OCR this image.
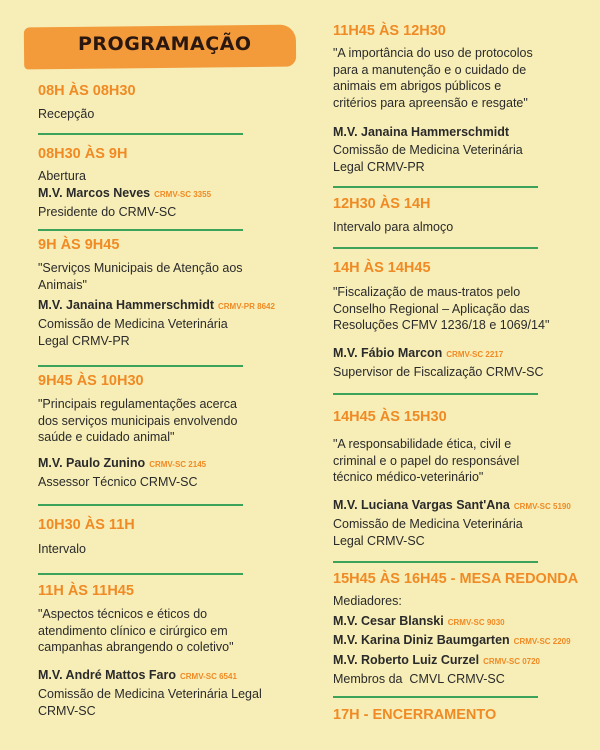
PROGRAMAÇÃO
08H ÀS 08H30
Recepção
08H30 ÀS 9H
Abertura
M.V. Marcos Neves CRMV-SC 3355
Presidente do CRMV-SC
9H ÀS 9H45
"Serviços Municipais de Atenção aos Animais"
M.V. Janaina Hammerschmidt CRMV-PR 8642
Comissão de Medicina Veterinária Legal CRMV-PR
9H45 ÀS 10H30
"Principais regulamentações acerca dos serviços municipais envolvendo saúde e cuidado animal"
M.V. Paulo Zunino CRMV-SC 2145
Assessor Técnico CRMV-SC
10H30 ÀS 11H
Intervalo
11H ÀS 11H45
"Aspectos técnicos e éticos do atendimento clínico e cirúrgico em campanhas abrangendo o coletivo"
M.V. André Mattos Faro CRMV-SC 6541
Comissão de Medicina Veterinária Legal CRMV-SC
11H45 ÀS 12H30
"A importância do uso de protocolos para a manutenção e o cuidado de animais em abrigos públicos e critérios para apreensão e resgate"
M.V. Janaina Hammerschmidt
Comissão de Medicina Veterinária Legal CRMV-PR
12H30 ÀS 14H
Intervalo para almoço
14H ÀS 14H45
"Fiscalização de maus-tratos pelo Conselho Regional – Aplicação das Resoluções CFMV 1236/18 e 1069/14"
M.V. Fábio Marcon CRMV-SC 2217
Supervisor de Fiscalização CRMV-SC
14H45 ÀS 15H30
"A responsabilidade ética, civil e criminal e o papel do responsável técnico médico-veterinário"
M.V. Luciana Vargas Sant'Ana CRMV-SC 5190
Comissão de Medicina Veterinária Legal CRMV-SC
15H45 ÀS 16H45 - MESA REDONDA
Mediadores:
M.V. Cesar Blanski CRMV-SC 9030
M.V. Karina Diniz Baumgarten CRMV-SC 2209
M.V. Roberto Luiz Curzel CRMV-SC 0720
Membros da  CMVL CRMV-SC
17H - ENCERRAMENTO
